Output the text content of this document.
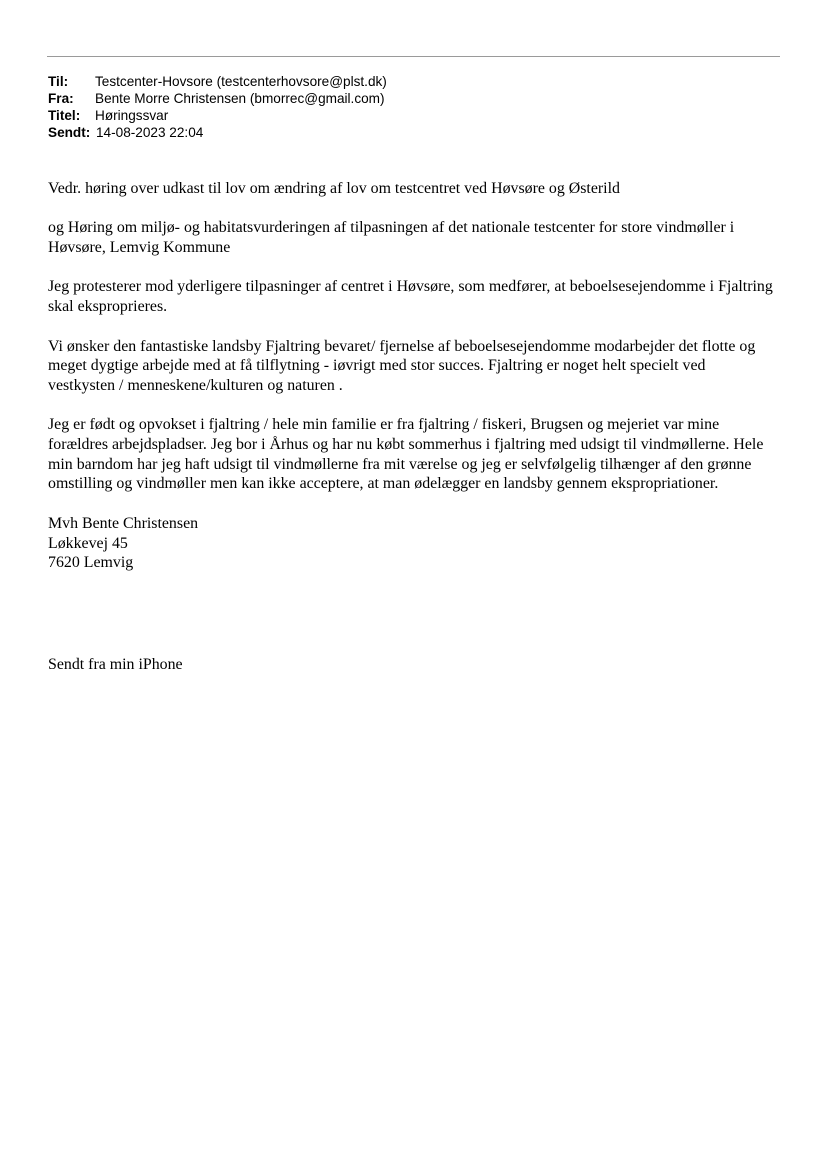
Til:	Testcenter-Hovsore (testcenterhovsore@plst.dk)
Fra:	Bente Morre Christensen (bmorrec@gmail.com)
Titel:	Høringssvar
Sendt: 14-08-2023 22:04

Vedr. høring over udkast til lov om ændring af lov om testcentret ved Høvsøre og Østerild

og Høring om miljø- og habitatsvurderingen af tilpasningen af det nationale testcenter for store vindmøller i Høvsøre, Lemvig Kommune

Jeg protesterer mod yderligere tilpasninger af centret i Høvsøre, som medfører, at beboelsesejendomme i Fjaltring skal eksproprieres.

Vi ønsker den fantastiske landsby Fjaltring bevaret/ fjernelse af beboelsesejendomme modarbejder det flotte og meget dygtige arbejde med at få tilflytning - iøvrigt med stor succes. Fjaltring er noget helt specielt ved vestkysten / menneskene/kulturen og naturen .

Jeg er født og opvokset i fjaltring / hele min familie er fra fjaltring / fiskeri, Brugsen og mejeriet var mine forældres arbejdspladser. Jeg bor i Århus og har nu købt sommerhus i fjaltring med udsigt til vindmøllerne. Hele min barndom har jeg haft udsigt til vindmøllerne fra mit værelse og jeg er selvfølgelig tilhænger af den grønne omstilling og vindmøller men kan ikke acceptere, at man ødelægger en landsby gennem ekspropriationer.

Mvh Bente Christensen

Løkkevej 45

7620 Lemvig

Sendt fra min iPhone
